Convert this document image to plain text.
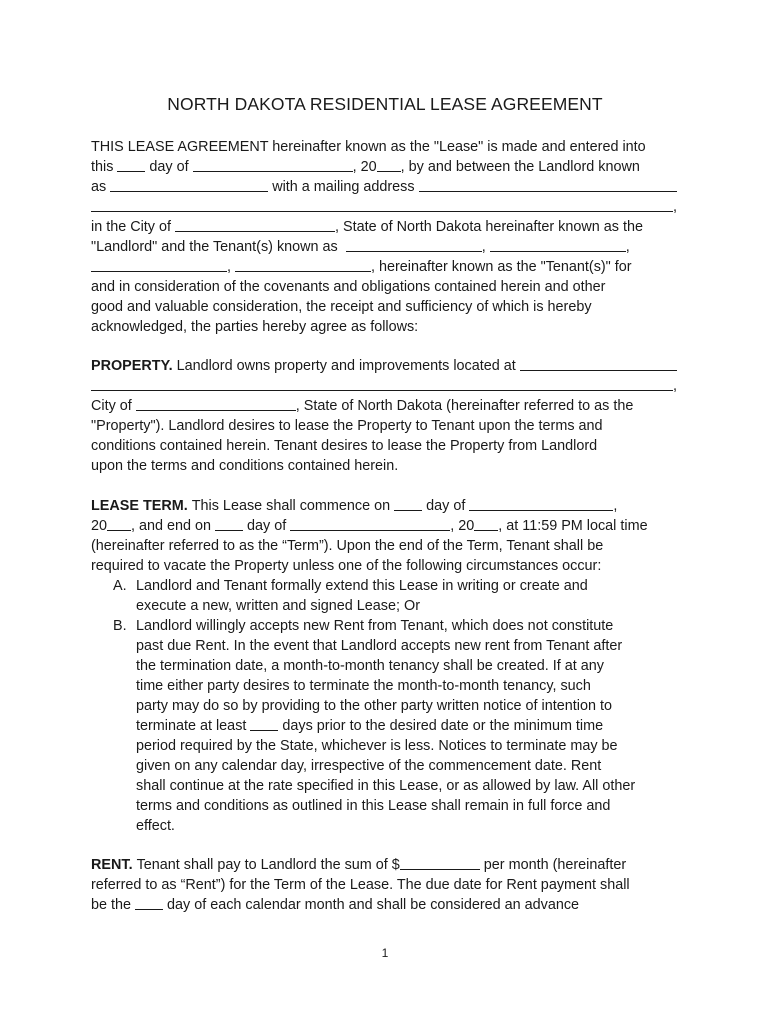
NORTH DAKOTA RESIDENTIAL LEASE AGREEMENT
THIS LEASE AGREEMENT hereinafter known as the "Lease" is made and entered into
this

	day of
	, 20 , by and between the Landlord known
as

	with a mailing address

,
in the City of
	, State of North Dakota hereinafter known as the
"Landlord" and the Tenant(s) known as
	,
	,
,
	, hereinafter known as the "Tenant(s)" for
and in consideration of the covenants and obligations contained herein and other
good and valuable consideration, the receipt and sufficiency of which is hereby
acknowledged, the parties hereby agree as follows:
PROPERTY.
Landlord owns property and improvements located at

,
City of
	, State of North Dakota (hereinafter referred to as the
"Property"). Landlord desires to lease the Property to Tenant upon the terms and
conditions contained herein. Tenant desires to lease the Property from Landlord
upon the terms and conditions contained herein.
LEASE TERM.
This Lease shall commence on

	day of
	,
20 , and end on

	day of
	, 20 , at 11:59 PM local time
(hereinafter referred to as the “Term”). Upon the end of the Term, Tenant shall be
required to vacate the Property unless one of the following circumstances occur:
A. Landlord and Tenant formally extend this Lease in writing or create and
execute a new, written and signed Lease; Or
B. Landlord willingly accepts new Rent from Tenant, which does not constitute
past due Rent. In the event that Landlord accepts new rent from Tenant after
the termination date, a month-to-month tenancy shall be created. If at any
time either party desires to terminate the month-to-month tenancy, such
party may do so by providing to the other party written notice of intention to
terminate at least

	days prior to the desired date or the minimum time
period required by the State, whichever is less. Notices to terminate may be
given on any calendar day, irrespective of the commencement date. Rent
shall continue at the rate specified in this Lease, or as allowed by law. All other
terms and conditions as outlined in this Lease shall remain in full force and
effect.
RENT.
Tenant shall pay to Landlord the sum of $
	per month (hereinafter
referred to as “Rent”) for the Term of the Lease. The due date for Rent payment shall
be the

	day of each calendar month and shall be considered an advance
1
